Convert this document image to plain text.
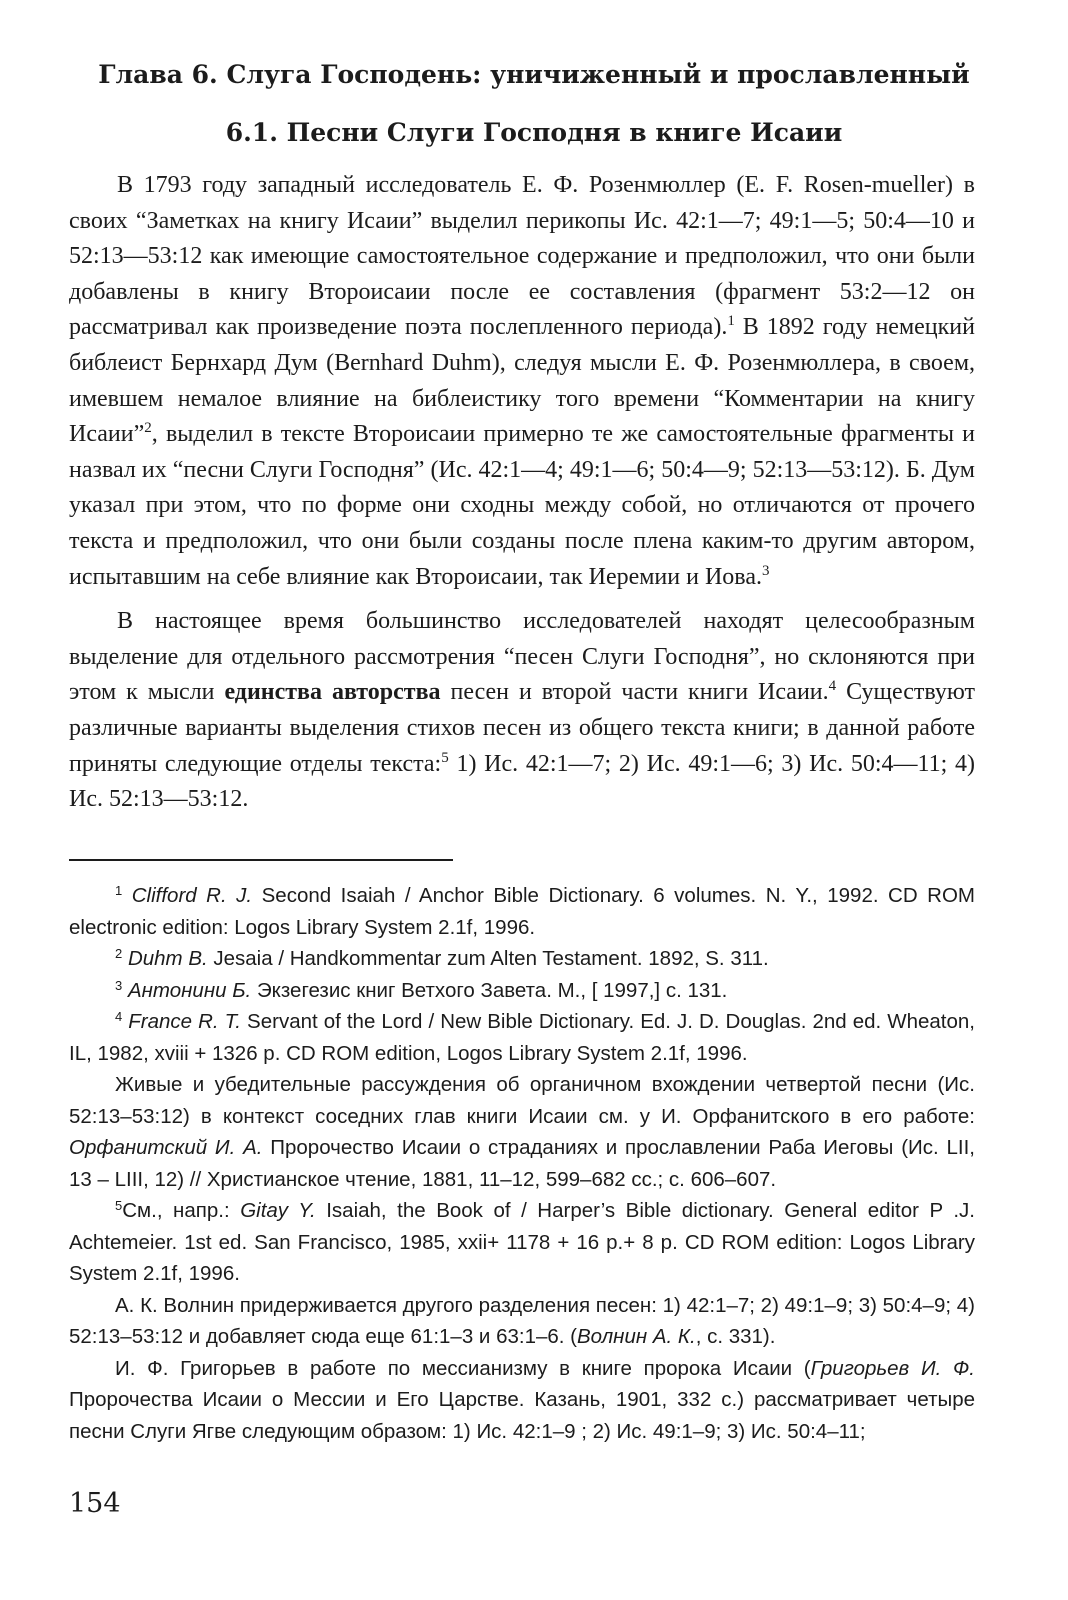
Глава 6. Слуга Господень: уничиженный и прославленный
6.1. Песни Слуги Господня в книге Исаии

В 1793 году западный исследователь Е. Ф. Розенмюллер (E. F. Rosen-mueller) в своих “Заметках на книгу Исаии” выделил перикопы Ис. 42:1—7; 49:1—5; 50:4—10 и 52:13—53:12 как имеющие самостоятельное содержание и предположил, что они были добавлены в книгу Второисаии после ее составления (фрагмент 53:2—12 он рассматривал как произведение поэта послепленного периода).$^1$ В 1892 году немецкий библеист Бернхард Дум (Bernhard Duhm), следуя мысли Е. Ф. Розенмюллера, в своем, имевшем немалое влияние на библеистику того времени “Комментарии на книгу Исаии”$^2$, выделил в тексте Второисаии примерно те же самостоятельные фрагменты и назвал их “песни Слуги Господня” (Ис. 42:1—4; 49:1—6; 50:4—9; 52:13—53:12). Б. Дум указал при этом, что по форме они сходны между собой, но отличаются от прочего текста и предположил, что они были созданы после плена каким-то другим автором, испытавшим на себе влияние как Второисаии, так Иеремии и Иова.$^3$

В настоящее время большинство исследователей находят целесообразным выделение для отдельного рассмотрения “песен Слуги Господня”, но склоняются при этом к мысли единства авторства песен и второй части книги Исаии.$^4$ Существуют различные варианты выделения стихов песен из общего текста книги; в данной работе приняты следующие отделы текста:$^5$ 1) Ис. 42:1—7; 2) Ис. 49:1—6; 3) Ис. 50:4—11; 4) Ис. 52:13—53:12.

$^1$ Clifford R. J. Second Isaiah / Anchor Bible Dictionary. 6 volumes. N. Y., 1992. CD ROM electronic edition: Logos Library System 2.1f, 1996.

$^2$ Duhm B. Jesaia / Handkommentar zum Alten Testament. 1892, S. 311.

$^3$ Антонини Б. Экзегезис книг Ветхого Завета. М., [ 1997,] с. 131.

$^4$ France R. T. Servant of the Lord / New Bible Dictionary. Ed. J. D. Douglas. 2nd ed. Wheaton, IL, 1982, xviii + 1326 p. CD ROM edition, Logos Library System 2.1f, 1996.

Живые и убедительные рассуждения об органичном вхождении четвертой песни (Ис. 52:13–53:12) в контекст соседних глав книги Исаии см. у И. Орфанитского в его работе: Орфанитский И. А. Пророчество Исаии о страданиях и прославлении Раба Иеговы (Ис. LII, 13 – LIII, 12) // Христианское чтение, 1881, 11–12, 599–682 сс.; с. 606–607.

$^5$См., напр.: Gitay Y. Isaiah, the Book of / Harper’s Bible dictionary. General editor P .J. Achtemeier. 1st ed. San Francisco, 1985, xxii+ 1178 + 16 p.+ 8 p. CD ROM edition: Logos Library System 2.1f, 1996.

А. К. Волнин придерживается другого разделения песен: 1) 42:1–7; 2) 49:1–9; 3) 50:4–9; 4) 52:13–53:12 и добавляет сюда еще 61:1–3 и 63:1–6. (Волнин А. К., с. 331).

И. Ф. Григорьев в работе по мессианизму в книге пророка Исаии (Григорьев И. Ф. Пророчества Исаии о Мессии и Его Царстве. Казань, 1901, 332 с.) рассматривает четыре песни Слуги Ягве следующим образом: 1) Ис. 42:1–9 ; 2) Ис. 49:1–9; 3) Ис. 50:4–11;

154
